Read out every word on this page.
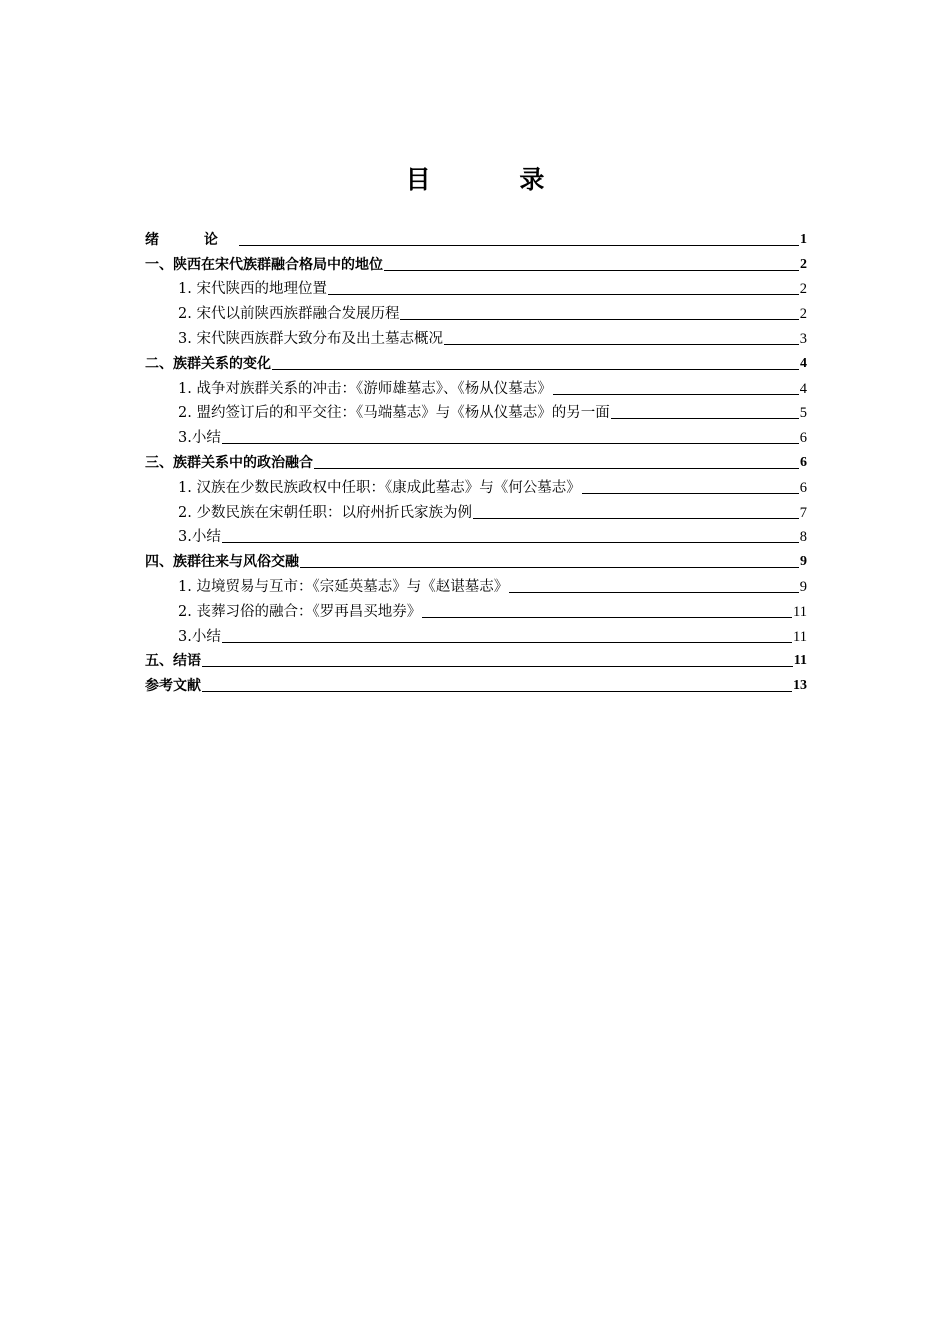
目 录
绪 论	1
一、陕西在宋代族群融合格局中的地位	2
1. 宋代陕西的地理位置	2
2. 宋代以前陕西族群融合发展历程	2
3. 宋代陕西族群大致分布及出土墓志概况	3
二、族群关系的变化	4
1. 战争对族群关系的冲击：《游师雄墓志》、《杨从仪墓志》	4
2. 盟约签订后的和平交往：《马端墓志》与《杨从仪墓志》的另一面	5
3.小结	6
三、族群关系中的政治融合	6
1. 汉族在少数民族政权中任职：《康成此墓志》与《何公墓志》	6
2. 少数民族在宋朝任职：以府州折氏家族为例	7
3.小结	8
四、族群往来与风俗交融	9
1. 边境贸易与互市：《宗延英墓志》与《赵谌墓志》	9
2. 丧葬习俗的融合：《罗再昌买地券》	11
3.小结	11
五、结语	11
参考文献	13
